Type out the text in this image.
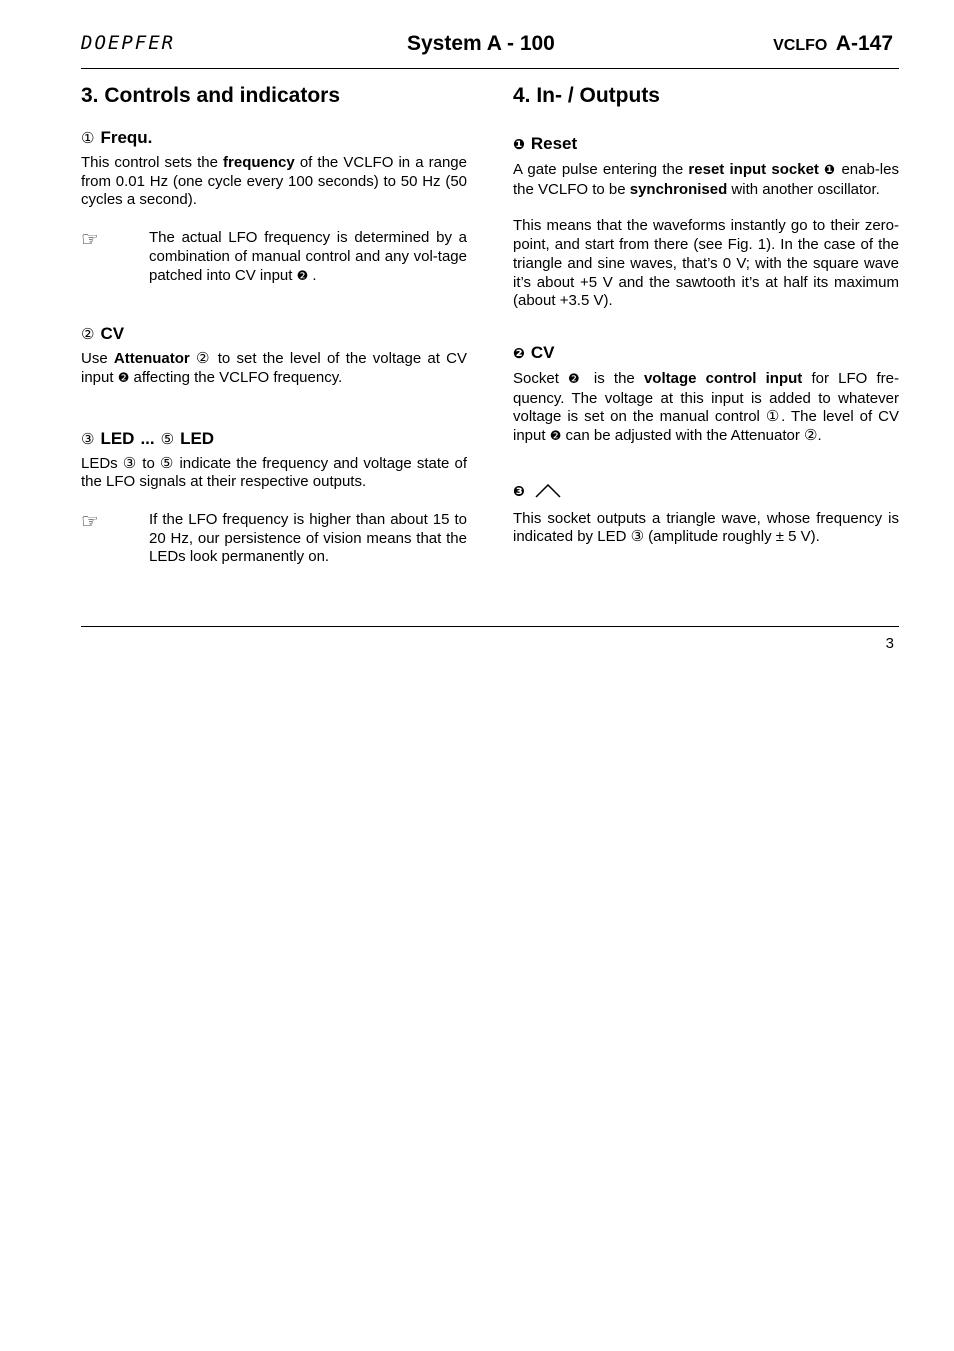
DOEPFER	System A - 100	VCLFO A-147
3. Controls and indicators
① Frequ.

This control sets the frequency of the VCLFO in a range from 0.01 Hz (one cycle every 100 seconds) to 50 Hz (50 cycles a second).

☞	The actual LFO frequency is determined by a combination of manual control and any vol-tage patched into CV input ❷ .

② CV

Use Attenuator ② to set the level of the voltage at CV input ❷ affecting the VCLFO frequency.

③ LED ... ⑤ LED

LEDs ③ to ⑤ indicate the frequency and voltage state of the LFO signals at their respective outputs.

☞	If the LFO frequency is higher than about 15 to 20 Hz, our persistence of vision means that the LEDs look permanently on.

4. In- / Outputs
❶ Reset

A gate pulse entering the reset input socket ❶ enab-les the VCLFO to be synchronised with another oscillator.

This means that the waveforms instantly go to their zero-point, and start from there (see Fig. 1). In the case of the triangle and sine waves, that’s 0 V; with the square wave it’s about +5 V and the sawtooth it’s at half its maximum (about +3.5 V).

❷ CV

Socket ❷ is the voltage control input for LFO fre-quency. The voltage at this input is added to whatever voltage is set on the manual control ①. The level of CV input ❷ can be adjusted with the Attenuator ②.

❸

This socket outputs a triangle wave, whose frequency is indicated by LED ③ (amplitude roughly ± 5 V).

3
